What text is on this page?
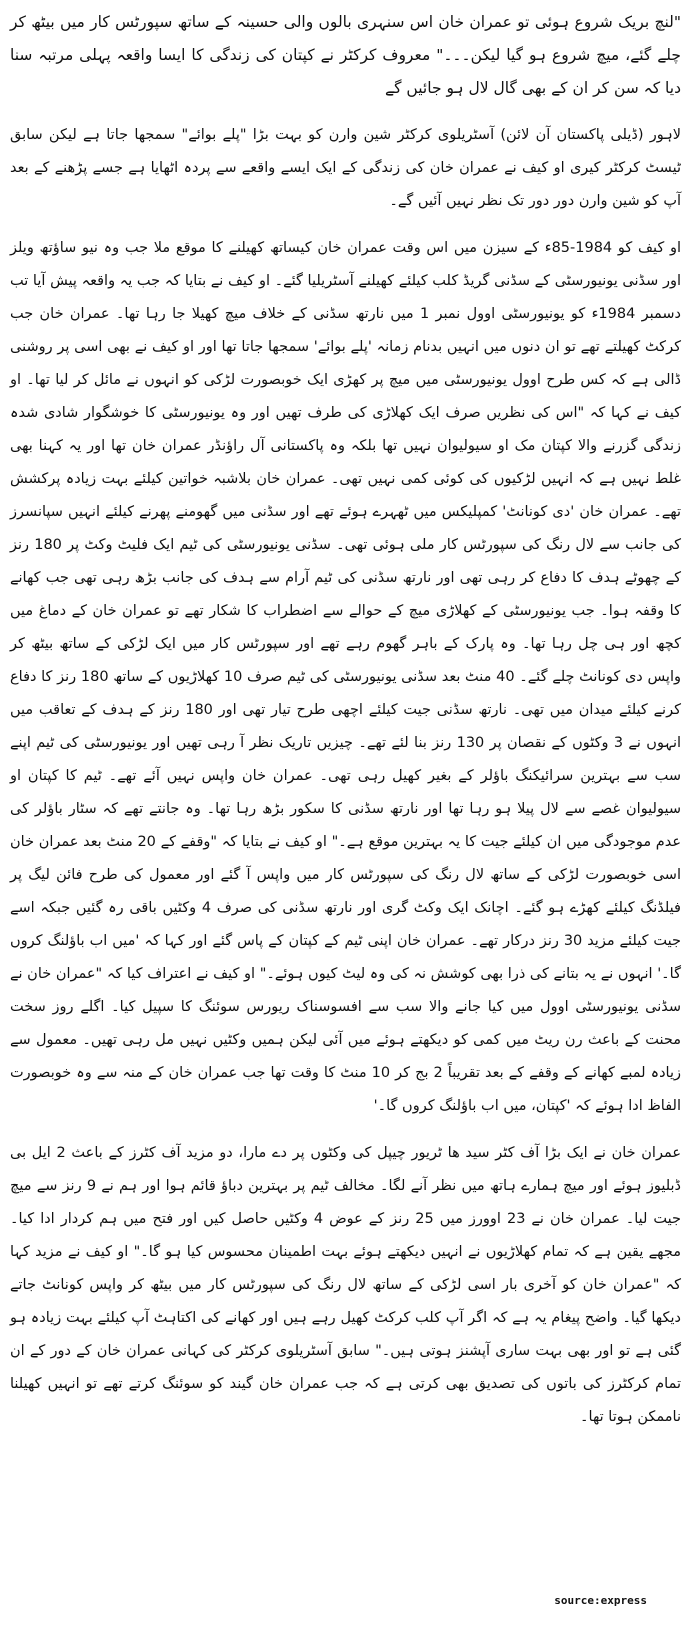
"لنچ بریک شروع ہوئی تو عمران خان اس سنہری بالوں والی حسینہ کے ساتھ سپورٹس کار میں بیٹھ کر چلے گئے، میچ شروع ہو گیا لیکن۔۔۔" معروف کرکٹر نے کپتان کی زندگی کا ایسا واقعہ پہلی مرتبہ سنا دیا کہ سن کر ان کے بھی گال لال ہو جائیں گے

لاہور (ڈیلی پاکستان آن لائن) آسٹریلوی کرکٹر شین وارن کو بہت بڑا "پلے بوائے" سمجھا جاتا ہے لیکن سابق ٹیسٹ کرکٹر کیری او کیف نے عمران خان کی زندگی کے ایک ایسے واقعے سے پردہ اٹھایا ہے جسے پڑھنے کے بعد آپ کو شین وارن دور دور تک نظر نہیں آئیں گے۔

او کیف کو 1984-85ء کے سیزن میں اس وقت عمران خان کیساتھ کھیلنے کا موقع ملا جب وہ نیو ساؤتھ ویلز اور سڈنی یونیورسٹی کے سڈنی گریڈ کلب کیلئے کھیلنے آسٹریلیا گئے۔ او کیف نے بتایا کہ جب یہ واقعہ پیش آیا تب دسمبر 1984ء کو یونیورسٹی اوول نمبر 1 میں نارتھ سڈنی کے خلاف میچ کھیلا جا رہا تھا۔ عمران خان جب کرکٹ کھیلتے تھے تو ان دنوں میں انہیں بدنام زمانہ 'پلے بوائے' سمجھا جاتا تھا اور او کیف نے بھی اسی پر روشنی ڈالی ہے کہ کس طرح اوول یونیورسٹی میں میچ پر کھڑی ایک خوبصورت لڑکی کو انہوں نے مائل کر لیا تھا۔ او کیف نے کہا کہ "اس کی نظریں صرف ایک کھلاڑی کی طرف تھیں اور وہ یونیورسٹی کا خوشگوار شادی شدہ زندگی گزرنے والا کپتان مک او سیولیوان نہیں تھا بلکہ وہ پاکستانی آل راؤنڈر عمران خان تھا اور یہ کہنا بھی غلط نہیں ہے کہ انہیں لڑکیوں کی کوئی کمی نہیں تھی۔ عمران خان بلاشبہ خواتین کیلئے بہت زیادہ پرکشش تھے۔ عمران خان 'دی کونانٹ' کمپلیکس میں ٹھہرے ہوئے تھے اور سڈنی میں گھومنے پھرنے کیلئے انہیں سپانسرز کی جانب سے لال رنگ کی سپورٹس کار ملی ہوئی تھی۔ سڈنی یونیورسٹی کی ٹیم ایک فلیٹ وکٹ پر 180 رنز کے چھوٹے ہدف کا دفاع کر رہی تھی اور نارتھ سڈنی کی ٹیم آرام سے ہدف کی جانب بڑھ رہی تھی جب کھانے کا وقفہ ہوا۔ جب یونیورسٹی کے کھلاڑی میچ کے حوالے سے اضطراب کا شکار تھے تو عمران خان کے دماغ میں کچھ اور ہی چل رہا تھا۔ وہ پارک کے باہر گھوم رہے تھے اور سپورٹس کار میں ایک لڑکی کے ساتھ بیٹھ کر واپس دی کونانٹ چلے گئے۔ 40 منٹ بعد سڈنی یونیورسٹی کی ٹیم صرف 10 کھلاڑیوں کے ساتھ 180 رنز کا دفاع کرنے کیلئے میدان میں تھی۔ نارتھ سڈنی جیت کیلئے اچھی طرح تیار تھی اور 180 رنز کے ہدف کے تعاقب میں انہوں نے 3 وکٹوں کے نقصان پر 130 رنز بنا لئے تھے۔ چیزیں تاریک نظر آ رہی تھیں اور یونیورسٹی کی ٹیم اپنے سب سے بہترین سرائیکنگ باؤلر کے بغیر کھیل رہی تھی۔ عمران خان واپس نہیں آئے تھے۔ ٹیم کا کپتان او سیولیوان غصے سے لال پیلا ہو رہا تھا اور نارتھ سڈنی کا سکور بڑھ رہا تھا۔ وہ جانتے تھے کہ سٹار باؤلر کی عدم موجودگی میں ان کیلئے جیت کا یہ بہترین موقع ہے۔" او کیف نے بتایا کہ "وقفے کے 20 منٹ بعد عمران خان اسی خوبصورت لڑکی کے ساتھ لال رنگ کی سپورٹس کار میں واپس آ گئے اور معمول کی طرح فائن لیگ پر فیلڈنگ کیلئے کھڑے ہو گئے۔ اچانک ایک وکٹ گری اور نارتھ سڈنی کی صرف 4 وکٹیں باقی رہ گئیں جبکہ اسے جیت کیلئے مزید 30 رنز درکار تھے۔ عمران خان اپنی ٹیم کے کپتان کے پاس گئے اور کہا کہ 'میں اب باؤلنگ کروں گا۔' انہوں نے یہ بتانے کی ذرا بھی کوشش نہ کی وہ لیٹ کیوں ہوئے۔" او کیف نے اعتراف کیا کہ "عمران خان نے سڈنی یونیورسٹی اوول میں کیا جانے والا سب سے افسوسناک ریورس سوئنگ کا سپیل کیا۔ اگلے روز سخت محنت کے باعث رن ریٹ میں کمی کو دیکھتے ہوئے میں آئی لیکن ہمیں وکٹیں نہیں مل رہی تھیں۔ معمول سے زیادہ لمبے کھانے کے وقفے کے بعد تقریباً 2 بج کر 10 منٹ کا وقت تھا جب عمران خان کے منہ سے وہ خوبصورت الفاظ ادا ہوئے کہ 'کپتان، میں اب باؤلنگ کروں گا۔'

عمران خان نے ایک بڑا آف کٹر سید ھا ٹریور چیپل کی وکٹوں پر دے مارا، دو مزید آف کٹرز کے باعث 2 ایل بی ڈبلیوز ہوئے اور میچ ہمارے ہاتھ میں نظر آنے لگا۔ مخالف ٹیم پر بہترین دباؤ قائم ہوا اور ہم نے 9 رنز سے میچ جیت لیا۔ عمران خان نے 23 اوورز میں 25 رنز کے عوض 4 وکٹیں حاصل کیں اور فتح میں ہم کردار ادا کیا۔ مجھے یقین ہے کہ تمام کھلاڑیوں نے انہیں دیکھتے ہوئے بہت اطمینان محسوس کیا ہو گا۔" او کیف نے مزید کہا کہ "عمران خان کو آخری بار اسی لڑکی کے ساتھ لال رنگ کی سپورٹس کار میں بیٹھ کر واپس کونانٹ جاتے دیکھا گیا۔ واضح پیغام یہ ہے کہ اگر آپ کلب کرکٹ کھیل رہے ہیں اور کھانے کی اکتاہٹ آپ کیلئے بہت زیادہ ہو گئی ہے تو اور بھی بہت ساری آپشنز ہوتی ہیں۔" سابق آسٹریلوی کرکٹر کی کہانی عمران خان کے دور کے ان تمام کرکٹرز کی باتوں کی تصدیق بھی کرتی ہے کہ جب عمران خان گیند کو سوئنگ کرتے تھے تو انہیں کھیلنا ناممکن ہوتا تھا۔

source:express
